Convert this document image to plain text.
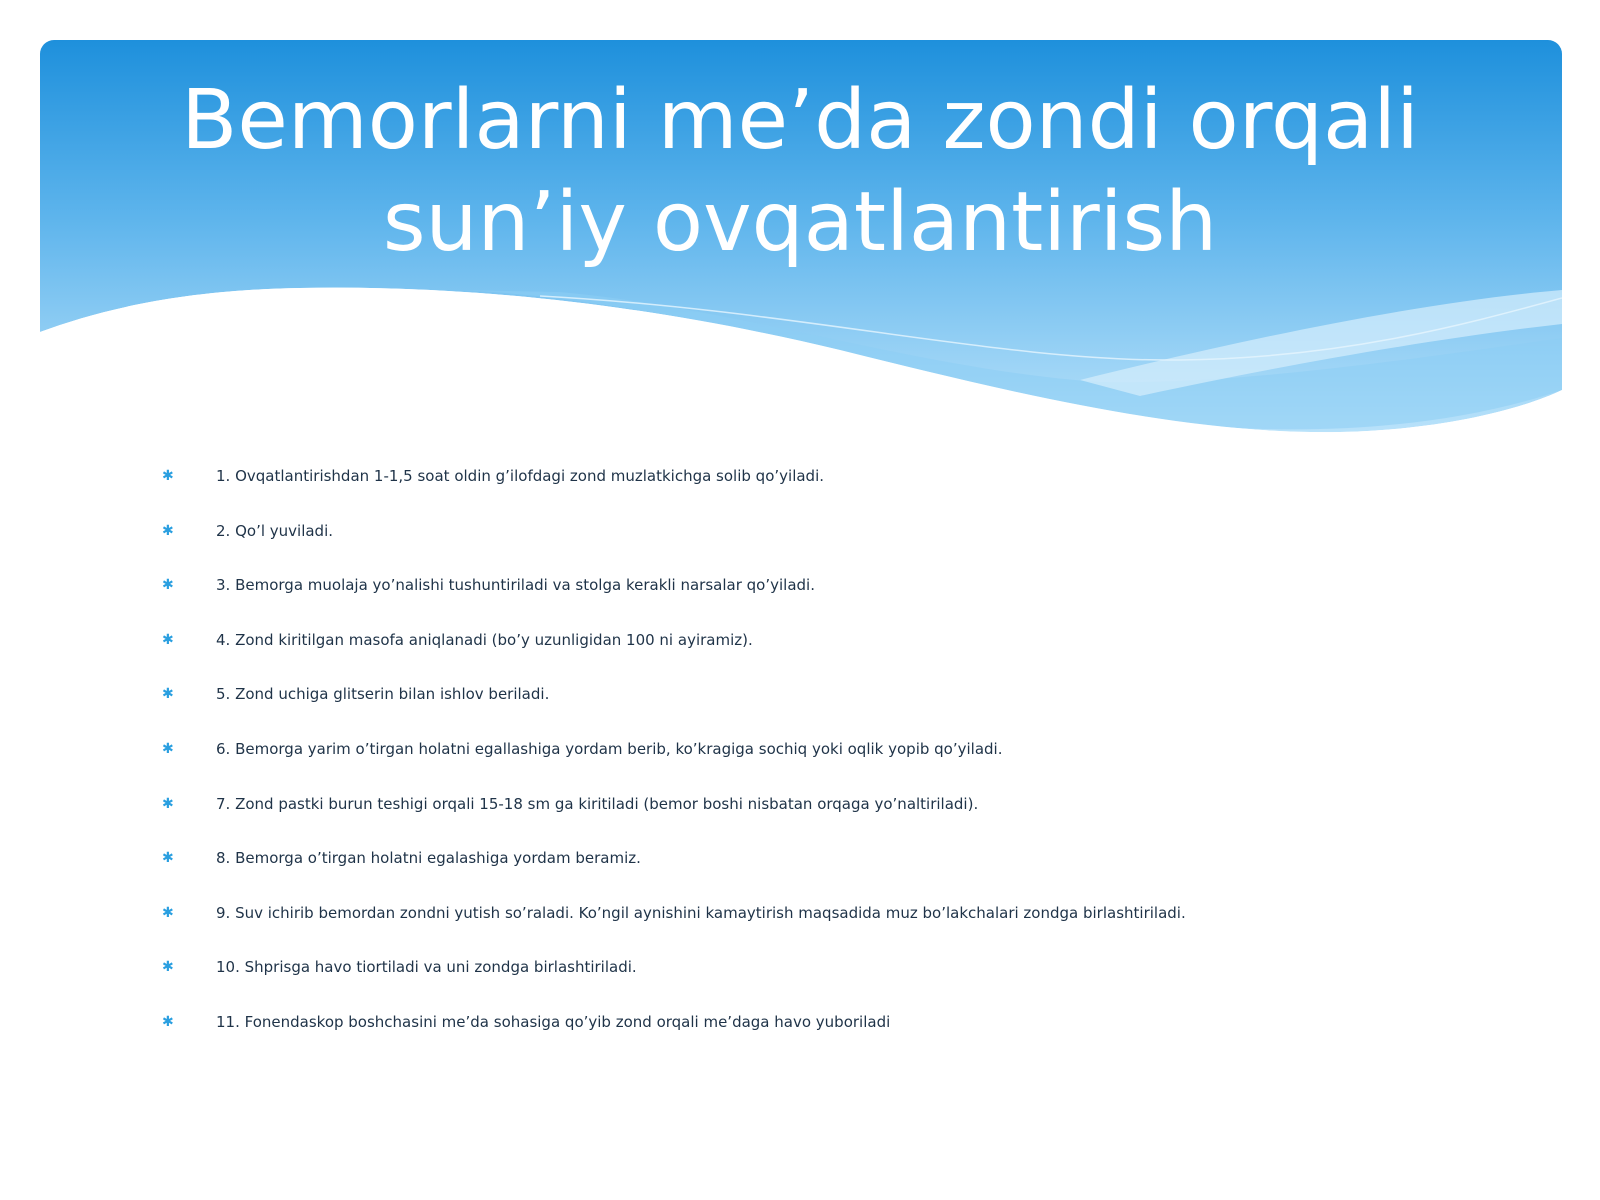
Bemorlarni me’da zondi orqali
sun’iy ovqatlantirish
✱	1. Ovqatlantirishdan 1-1,5 soat oldin g’ilofdagi zond muzlatkichga solib qo’yiladi.
✱	2. Qo’l yuviladi.
✱	3. Bemorga muolaja yo’nalishi tushuntiriladi va stolga kerakli narsalar qo’yiladi.
✱	4. Zond kiritilgan masofa aniqlanadi (bo’y uzunligidan 100 ni ayiramiz).
✱	5. Zond uchiga glitserin bilan ishlov beriladi.
✱	6. Bemorga yarim o’tirgan holatni egallashiga yordam berib, ko’kragiga sochiq yoki oqlik yopib qo’yiladi.
✱	7. Zond pastki burun teshigi orqali 15-18 sm ga kiritiladi (bemor boshi nisbatan orqaga yo’naltiriladi).
✱	8. Bemorga o’tirgan holatni egalashiga yordam beramiz.
✱	9. Suv ichirib bemordan zondni yutish so’raladi. Ko’ngil aynishini kamaytirish maqsadida muz bo’lakchalari zondga birlashtiriladi.
✱	10. Shprisga havo tiortiladi va uni zondga birlashtiriladi.
✱	11. Fonendaskop boshchasini me’da sohasiga qo’yib zond orqali me’daga havo yuboriladi
